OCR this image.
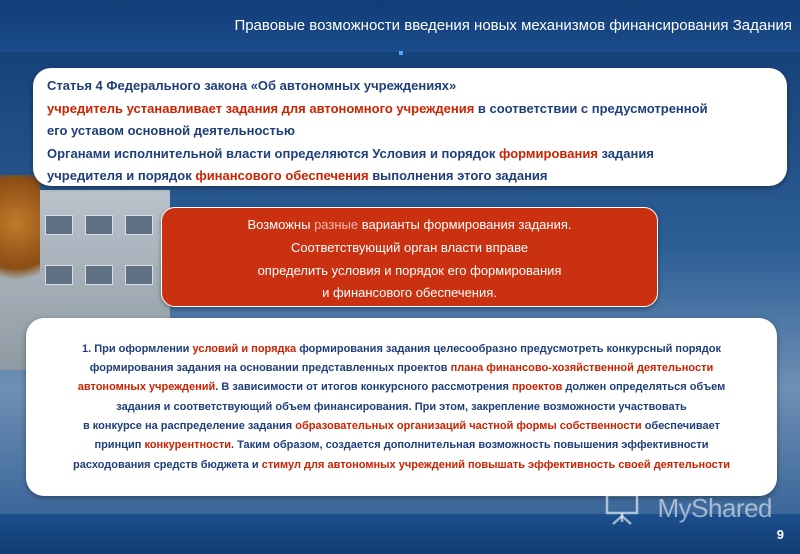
Правовые возможности введения новых механизмов финансирования Задания
Статья 4 Федерального закона «Об автономных учреждениях»
учредитель устанавливает задания для автономного учреждения в соответствии с предусмотренной
его уставом основной деятельностью
Органами исполнительной власти определяются Условия и порядок формирования задания
учредителя и порядок финансового обеспечения выполнения этого задания
Возможны разные варианты формирования задания.
Соответствующий орган власти вправе
определить условия и порядок его формирования
и финансового обеспечения.
1. При оформлении условий и порядка формирования задания целесообразно предусмотреть конкурсный порядок
формирования задания на основании представленных проектов плана финансово-хозяйственной деятельности
автономных учреждений. В зависимости от итогов конкурсного рассмотрения проектов должен определяться объем
задания и соответствующий объем финансирования. При этом, закрепление возможности участвовать
в конкурсе на распределение задания образовательных организаций частной формы собственности обеспечивает
принцип конкурентности. Таким образом, создается дополнительная возможность повышения эффективности
расходования средств бюджета и стимул для автономных учреждений повышать эффективность своей деятельности
MyShared
9
